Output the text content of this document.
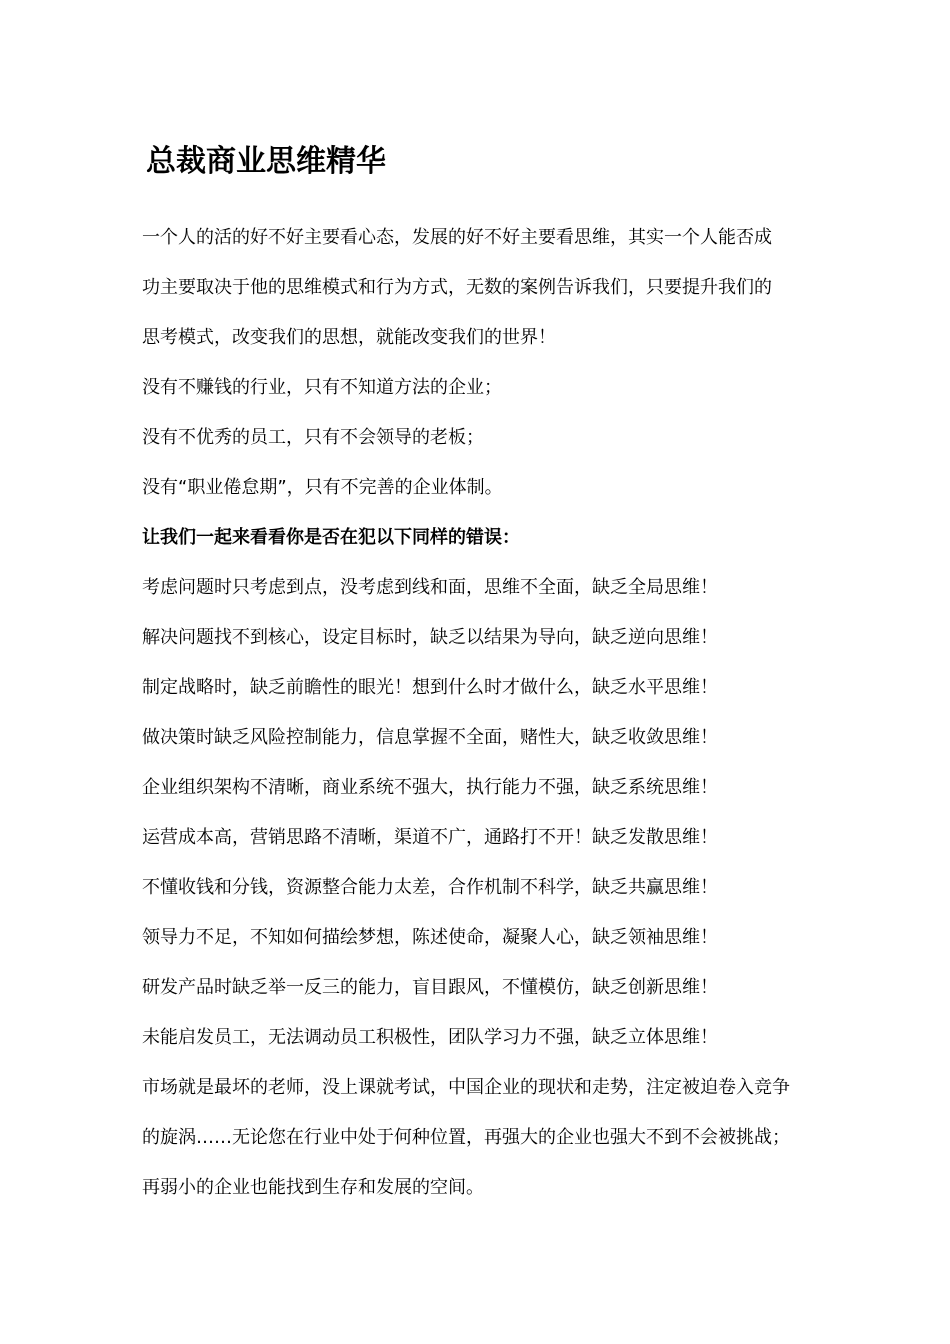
总裁商业思维精华

一个人的活的好不好主要看心态，发展的好不好主要看思维，其实一个人能否成

功主要取决于他的思维模式和行为方式，无数的案例告诉我们，只要提升我们的

思考模式，改变我们的思想，就能改变我们的世界！

没有不赚钱的行业，只有不知道方法的企业；

没有不优秀的员工，只有不会领导的老板；

没有“职业倦怠期”，只有不完善的企业体制。

让我们一起来看看你是否在犯以下同样的错误：

考虑问题时只考虑到点，没考虑到线和面，思维不全面，缺乏全局思维！

解决问题找不到核心，设定目标时，缺乏以结果为导向，缺乏逆向思维！

制定战略时，缺乏前瞻性的眼光！想到什么时才做什么，缺乏水平思维！

做决策时缺乏风险控制能力，信息掌握不全面，赌性大，缺乏收敛思维！

企业组织架构不清晰，商业系统不强大，执行能力不强，缺乏系统思维！

运营成本高，营销思路不清晰，渠道不广，通路打不开！缺乏发散思维！

不懂收钱和分钱，资源整合能力太差，合作机制不科学，缺乏共赢思维！

领导力不足，不知如何描绘梦想，陈述使命，凝聚人心，缺乏领袖思维！

研发产品时缺乏举一反三的能力，盲目跟风，不懂模仿，缺乏创新思维！

未能启发员工，无法调动员工积极性，团队学习力不强，缺乏立体思维！

市场就是最坏的老师，没上课就考试，中国企业的现状和走势，注定被迫卷入竞争

的旋涡……无论您在行业中处于何种位置，再强大的企业也强大不到不会被挑战；

再弱小的企业也能找到生存和发展的空间。
